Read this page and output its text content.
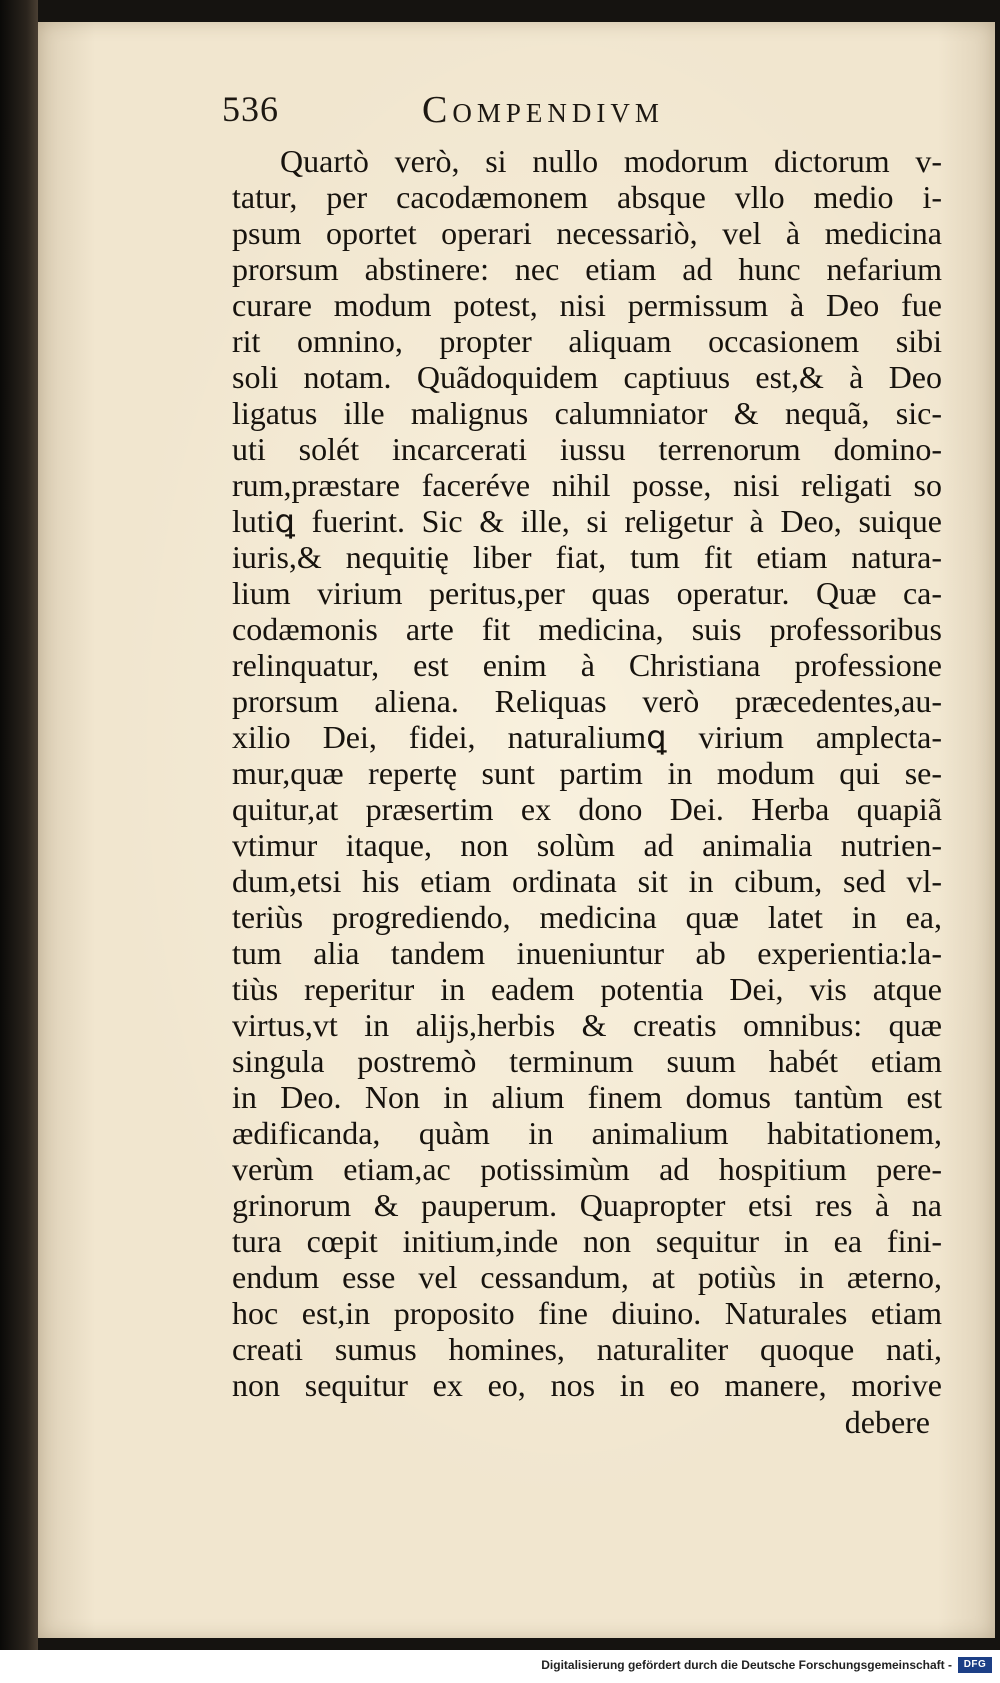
536	Compendivm
Quartò verò, si nullo modorum dictorum v-
tatur, per cacodæmonem absque vllo medio i-
psum oportet operari necessariò, vel à medicina
prorsum abstinere: nec etiam ad hunc nefarium
curare modum potest, nisi permissum à Deo fue
rit omnino, propter aliquam occasionem sibi
soli notam. Quãdoquidem captiuus est,& à Deo
ligatus ille malignus calumniator & nequã, sic-
uti solét incarcerati iussu terrenorum domino-
rum,præstare faceréve nihil posse, nisi religati so
lutiꝗ fuerint. Sic & ille, si religetur à Deo, suique
iuris,& nequitię liber fiat, tum fit etiam natura-
lium virium peritus,per quas operatur. Quæ ca-
codæmonis arte fit medicina, suis professoribus
relinquatur, est enim à Christiana professione
prorsum aliena. Reliquas verò præcedentes,au-
xilio Dei, fidei, naturaliumꝗ virium amplecta-
mur,quæ repertę sunt partim in modum qui se-
quitur,at præsertim ex dono Dei. Herba quapiã
vtimur itaque, non solùm ad animalia nutrien-
dum,etsi his etiam ordinata sit in cibum, sed vl-
teriùs progrediendo, medicina quæ latet in ea,
tum alia tandem inueniuntur ab experientia:la-
tiùs reperitur in eadem potentia Dei, vis atque
virtus,vt in alijs,herbis & creatis omnibus: quæ
singula postremò terminum suum habét etiam
in Deo. Non in alium finem domus tantùm est
ædificanda, quàm in animalium habitationem,
verùm etiam,ac potissimùm ad hospitium pere-
grinorum & pauperum. Quapropter etsi res à na
tura cœpit initium,inde non sequitur in ea fini-
endum esse vel cessandum, at potiùs in æterno,
hoc est,in proposito fine diuino. Naturales etiam
creati sumus homines, naturaliter quoque nati,
non sequitur ex eo, nos in eo manere, morive
debere
Digitalisierung gefördert durch die Deutsche Forschungsgemeinschaft -	DFG
